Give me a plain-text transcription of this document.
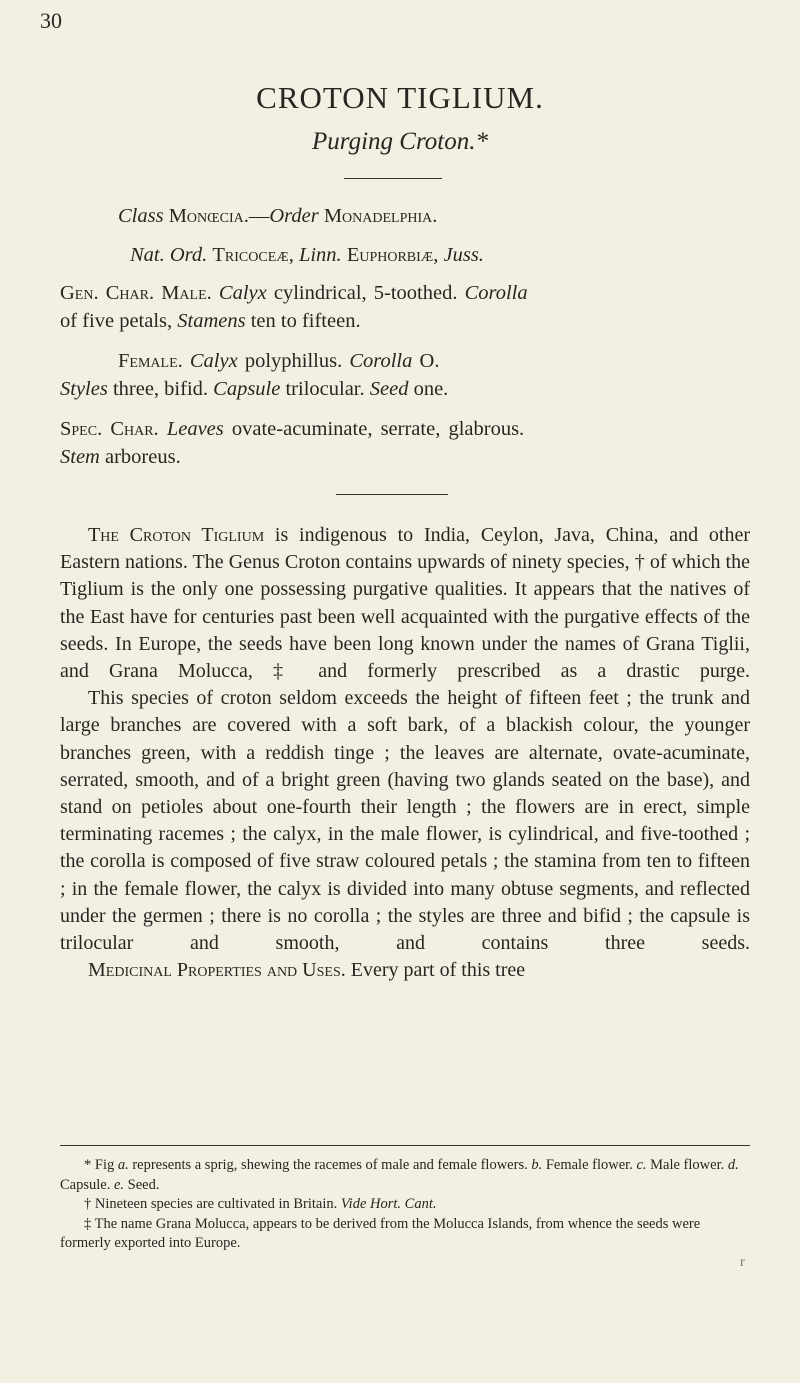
30
CROTON TIGLIUM.
Purging Croton.*
Class Monœcia.—Order Monadelphia.
Nat. Ord. Tricoceæ, Linn. Euphorbiæ, Juss.
Gen. Char. Male. Calyx cylindrical, 5-toothed. Corolla
of five petals, Stamens ten to fifteen.
Female. Calyx polyphillus. Corolla O.
Styles three, bifid. Capsule trilocular. Seed one.
Spec. Char. Leaves ovate-acuminate, serrate, glabrous.
Stem arboreus.

The Croton Tiglium is indigenous to India, Ceylon, Java, China, and other Eastern nations. The Genus Croton contains upwards of ninety species, † of which the Tiglium is the only one possessing purgative qualities. It appears that the natives of the East have for centuries past been well acquainted with the purgative effects of the seeds. In Europe, the seeds have been long known under the names of Grana Tiglii, and Grana Molucca, ‡ and formerly prescribed as a drastic purge.

This species of croton seldom exceeds the height of fifteen feet ; the trunk and large branches are covered with a soft bark, of a blackish colour, the younger branches green, with a reddish tinge ; the leaves are alternate, ovate-acuminate, serrated, smooth, and of a bright green (having two glands seated on the base), and stand on petioles about one-fourth their length ; the flowers are in erect, simple terminating racemes ; the calyx, in the male flower, is cylindrical, and five-toothed ; the corolla is composed of five straw coloured petals ; the stamina from ten to fifteen ; in the female flower, the calyx is divided into many obtuse segments, and reflected under the germen ; there is no corolla ; the styles are three and bifid ; the capsule is trilocular and smooth, and contains three seeds.

Medicinal Properties and Uses. Every part of this tree

* Fig a. represents a sprig, shewing the racemes of male and female flowers. b. Female flower. c. Male flower. d. Capsule. e. Seed.

† Nineteen species are cultivated in Britain. Vide Hort. Cant.

‡ The name Grana Molucca, appears to be derived from the Molucca Islands, from whence the seeds were formerly exported into Europe.

r
